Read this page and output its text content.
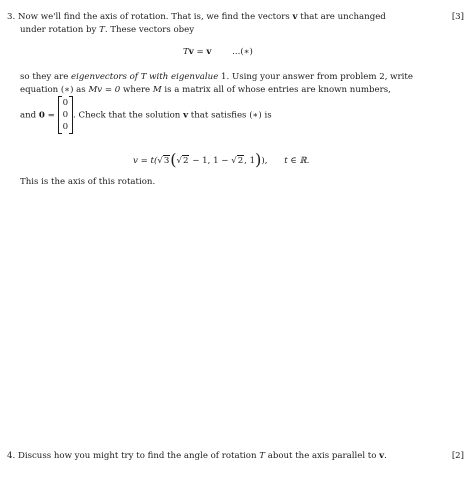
3. Now we'll find the axis of rotation. That is, we find the vectors v that are unchanged	[3]
under rotation by T. These vectors obey
Tv = v ...(∗)
so they are eigenvectors of T with eigenvalue 1. Using your answer from problem 2, write
equation (∗) as Mv = 0 where M is a matrix all of whose entries are known numbers,
and 0 =
0
0
0
. Check that the solution v that satisfies (∗) is
v = t(√3(√2 − 1, 1 − √2, 1)), t ∈ ℝ.
This is the axis of this rotation.
4. Discuss how you might try to find the angle of rotation T about the axis parallel to v.	[2]
